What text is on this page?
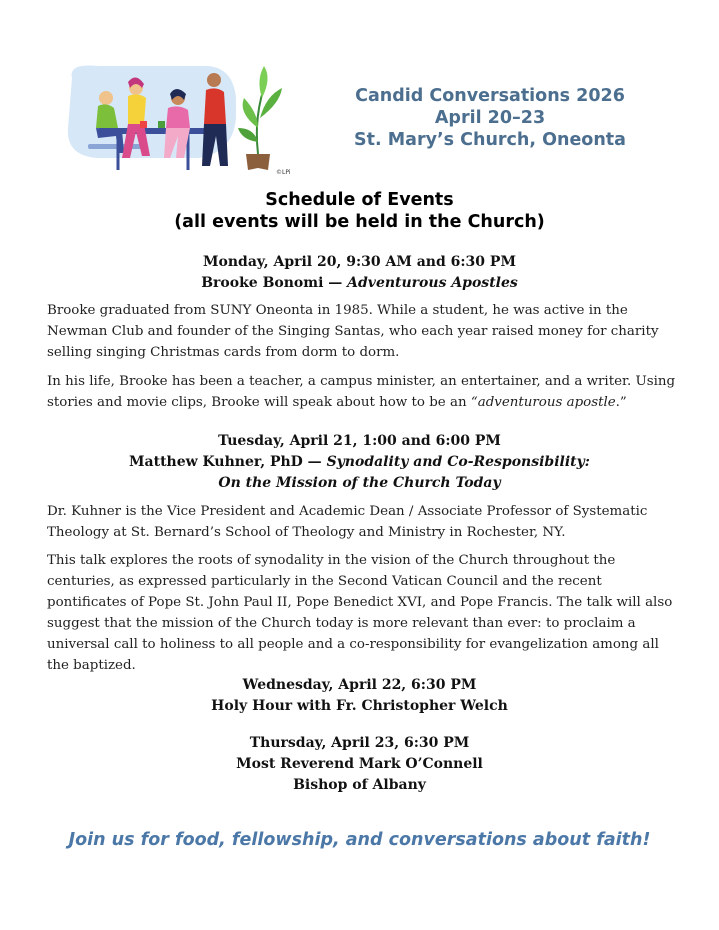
©LPi
Candid Conversations 2026
April 20–23
St. Mary’s Church, Oneonta
Schedule of Events
(all events will be held in the Church)
Monday, April 20, 9:30 AM and 6:30 PM
Brooke Bonomi — Adventurous Apostles
Brooke graduated from SUNY Oneonta in 1985. While a student, he was active in the Newman Club and founder of the Singing Santas, who each year raised money for charity selling singing Christmas cards from dorm to dorm.
In his life, Brooke has been a teacher, a campus minister, an entertainer, and a writer. Using stories and movie clips, Brooke will speak about how to be an “adventurous apostle.”
Tuesday, April 21, 1:00 and 6:00 PM
Matthew Kuhner, PhD — Synodality and Co-Responsibility:
On the Mission of the Church Today
Dr. Kuhner is the Vice President and Academic Dean / Associate Professor of Systematic Theology at St. Bernard’s School of Theology and Ministry in Rochester, NY.
This talk explores the roots of synodality in the vision of the Church throughout the centuries, as expressed particularly in the Second Vatican Council and the recent pontificates of Pope St. John Paul II, Pope Benedict XVI, and Pope Francis. The talk will also suggest that the mission of the Church today is more relevant than ever: to proclaim a universal call to holiness to all people and a co-responsibility for evangelization among all the baptized.
Wednesday, April 22, 6:30 PM
Holy Hour with Fr. Christopher Welch
Thursday, April 23, 6:30 PM
Most Reverend Mark O’Connell
Bishop of Albany
Join us for food, fellowship, and conversations about faith!
